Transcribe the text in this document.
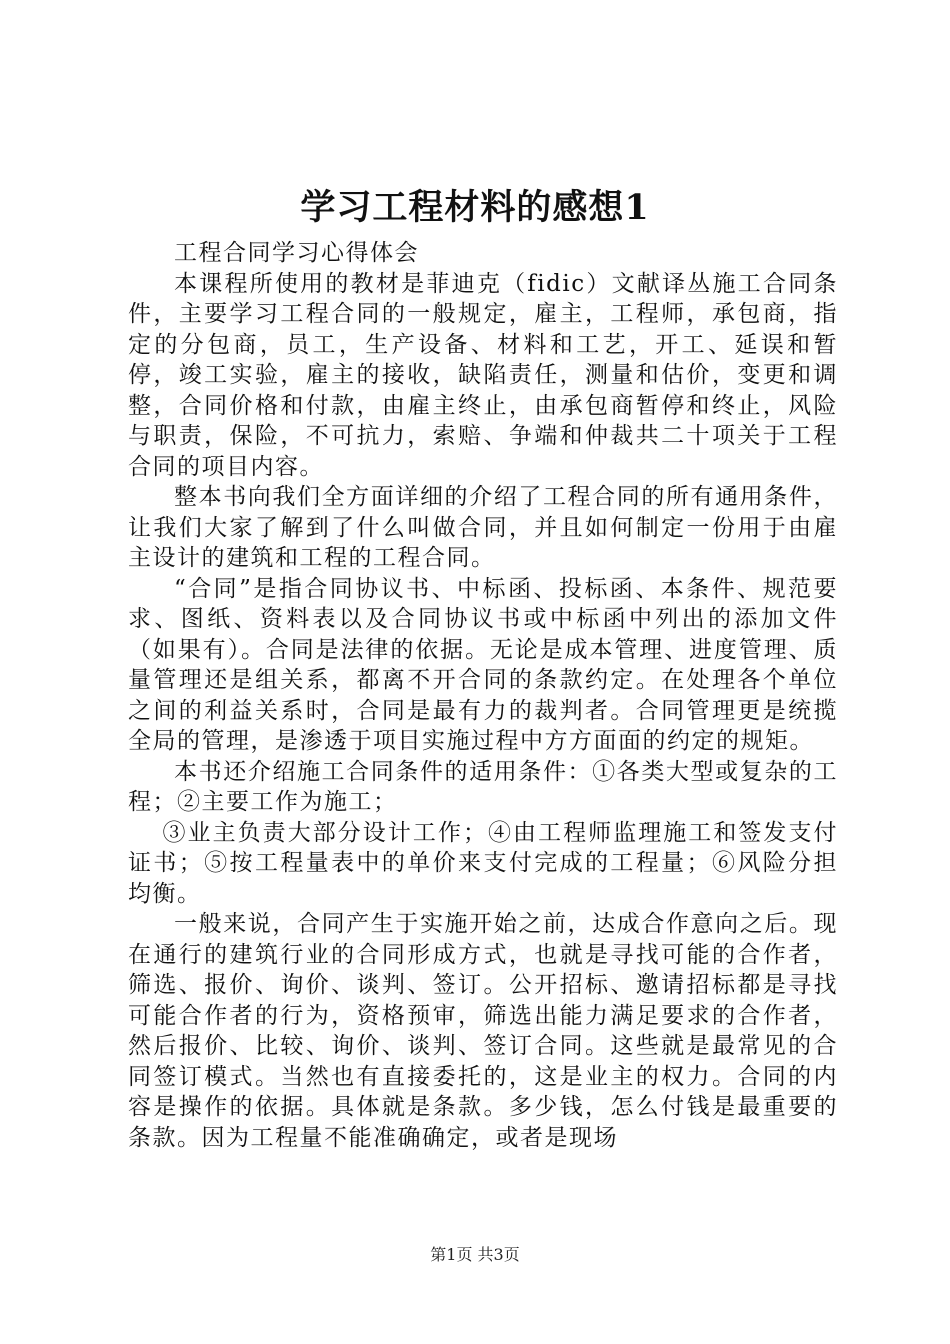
学习工程材料的感想1

工程合同学习心得体会

本课程所使用的教材是菲迪克（fidic）文献译丛施工合同条件，主要学习工程合同的一般规定，雇主，工程师，承包商，指定的分包商，员工，生产设备、材料和工艺，开工、延误和暂停，竣工实验，雇主的接收，缺陷责任，测量和估价，变更和调整，合同价格和付款，由雇主终止，由承包商暂停和终止，风险与职责，保险，不可抗力，索赔、争端和仲裁共二十项关于工程合同的项目内容。

整本书向我们全方面详细的介绍了工程合同的所有通用条件，让我们大家了解到了什么叫做合同，并且如何制定一份用于由雇主设计的建筑和工程的工程合同。

“合同”是指合同协议书、中标函、投标函、本条件、规范要求、图纸、资料表以及合同协议书或中标函中列出的添加文件（如果有）。合同是法律的依据。无论是成本管理、进度管理、质量管理还是组关系，都离不开合同的条款约定。在处理各个单位之间的利益关系时，合同是最有力的裁判者。合同管理更是统揽全局的管理，是渗透于项目实施过程中方方面面的约定的规矩。

本书还介绍施工合同条件的适用条件：①各类大型或复杂的工程；②主要工作为施工；

③业主负责大部分设计工作；④由工程师监理施工和签发支付证书；⑤按工程量表中的单价来支付完成的工程量；⑥风险分担均衡。

一般来说，合同产生于实施开始之前，达成合作意向之后。现在通行的建筑行业的合同形成方式，也就是寻找可能的合作者，筛选、报价、询价、谈判、签订。公开招标、邀请招标都是寻找可能合作者的行为，资格预审，筛选出能力满足要求的合作者，然后报价、比较、询价、谈判、签订合同。这些就是最常见的合同签订模式。当然也有直接委托的，这是业主的权力。合同的内容是操作的依据。具体就是条款。多少钱，怎么付钱是最重要的条款。因为工程量不能准确确定，或者是现场

第1页 共3页
